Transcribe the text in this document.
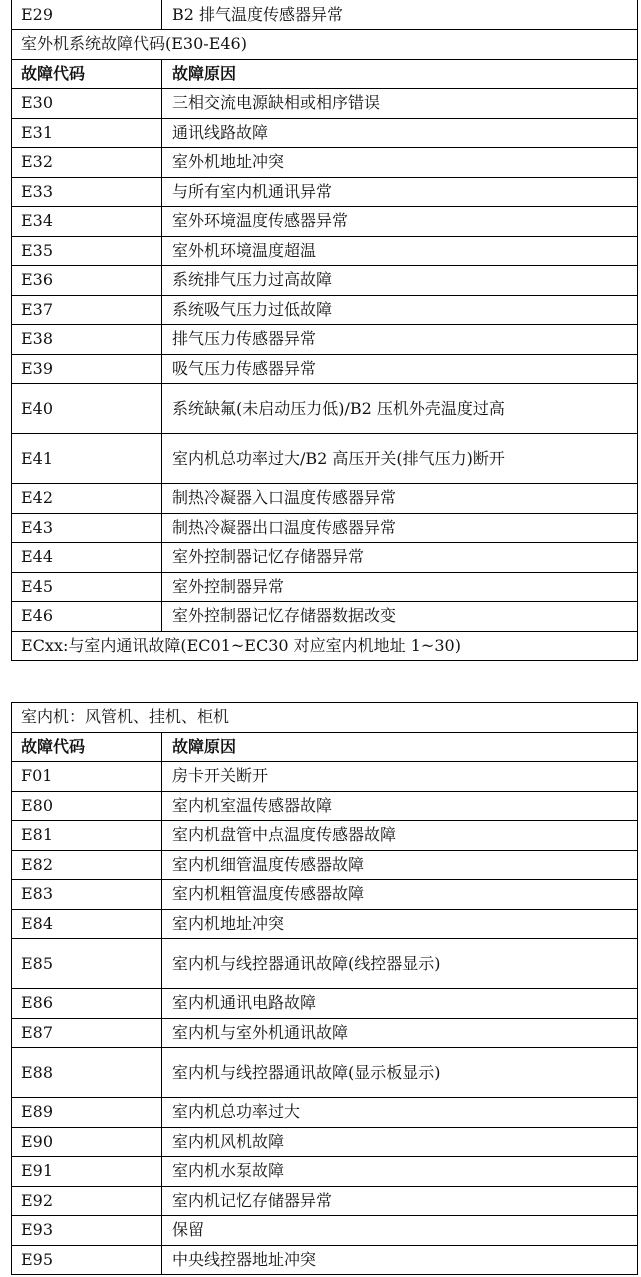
E29	B2 排气温度传感器异常
室外机系统故障代码(E30-E46)	
故障代码	故障原因
E30	三相交流电源缺相或相序错误
E31	通讯线路故障
E32	室外机地址冲突
E33	与所有室内机通讯异常
E34	室外环境温度传感器异常
E35	室外机环境温度超温
E36	系统排气压力过高故障
E37	系统吸气压力过低故障
E38	排气压力传感器异常
E39	吸气压力传感器异常
E40	系统缺氟(未启动压力低)/B2 压机外壳温度过高
E41	室内机总功率过大/B2 高压开关(排气压力)断开
E42	制热冷凝器入口温度传感器异常
E43	制热冷凝器出口温度传感器异常
E44	室外控制器记忆存储器异常
E45	室外控制器异常
E46	室外控制器记忆存储器数据改变
ECxx:与室内通讯故障(EC01~EC30 对应室内机地址 1~30)	
室内机：风管机、挂机、柜机	
故障代码	故障原因
F01	房卡开关断开
E80	室内机室温传感器故障
E81	室内机盘管中点温度传感器故障
E82	室内机细管温度传感器故障
E83	室内机粗管温度传感器故障
E84	室内机地址冲突
E85	室内机与线控器通讯故障(线控器显示)
E86	室内机通讯电路故障
E87	室内机与室外机通讯故障
E88	室内机与线控器通讯故障(显示板显示)
E89	室内机总功率过大
E90	室内机风机故障
E91	室内机水泵故障
E92	室内机记忆存储器异常
E93	保留
E95	中央线控器地址冲突
